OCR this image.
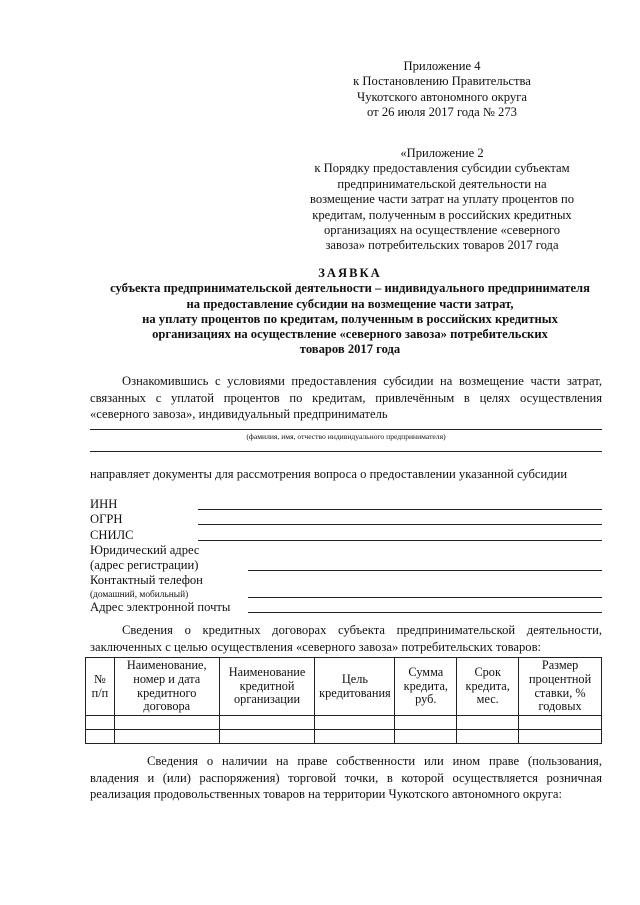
Приложение 4
к Постановлению Правительства
Чукотского автономного округа
от 26 июля 2017 года № 273
«Приложение 2
к Порядку предоставления субсидии субъектам
предпринимательской деятельности на
возмещение части затрат на уплату процентов по
кредитам, полученным в российских кредитных
организациях на осуществление «северного
завоза» потребительских товаров 2017 года
ЗАЯВКА
субъекта предпринимательской деятельности – индивидуального предпринимателя
на предоставление субсидии на возмещение части затрат,
на уплату процентов по кредитам, полученным в российских кредитных
организациях на осуществление «северного завоза» потребительских
товаров 2017 года
Ознакомившись с условиями предоставления субсидии на возмещение части затрат,
связанных с уплатой процентов по кредитам, привлечённым в целях осуществления
«северного завоза», индивидуальный предприниматель
(фамилия, имя, отчество индивидуального предпринимателя)
направляет документы для рассмотрения вопроса о предоставлении указанной субсидии
ИНН
ОГРН
СНИЛС
Юридический адрес
(адрес регистрации)
Контактный телефон
(домашний, мобильный)
Адрес электронной почты
Сведения о кредитных договорах субъекта предпринимательской деятельности,
заключенных с целью осуществления «северного завоза» потребительских товаров:
№ п/п	Наименование, номер и дата кредитного договора	Наименование кредитной организации	Цель кредитования	Сумма кредита, руб.	Срок кредита, мес.	Размер процентной ставки, % годовых

Сведения о наличии на праве собственности или ином праве (пользования,
владения и (или) распоряжения) торговой точки, в которой осуществляется розничная
реализация продовольственных товаров на территории Чукотского автономного округа:
